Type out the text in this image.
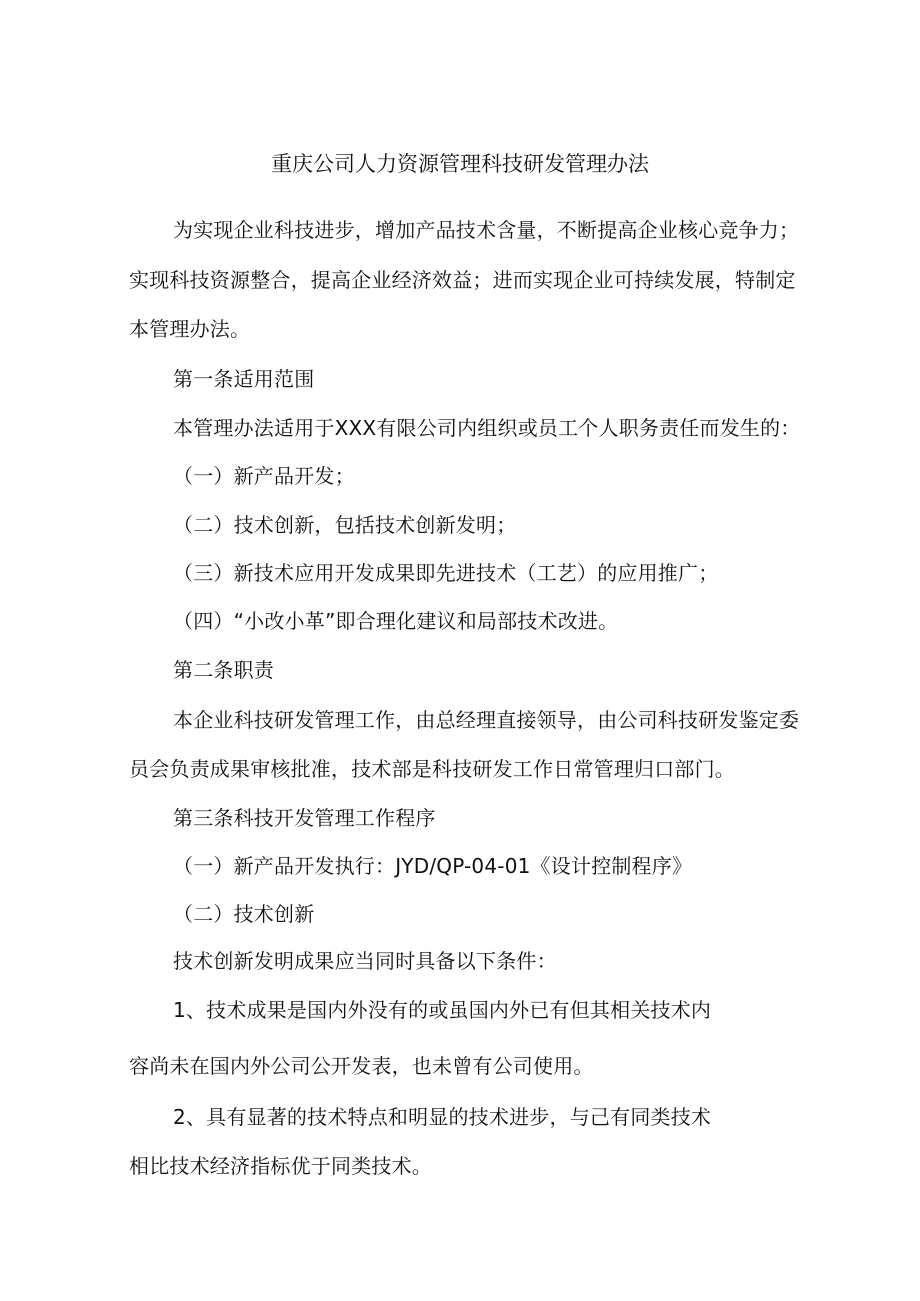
重庆公司人力资源管理科技研发管理办法
为实现企业科技进步，增加产品技术含量，不断提高企业核心竞争力；
实现科技资源整合，提高企业经济效益；进而实现企业可持续发展，特制定
本管理办法。
第一条适用范围
本管理办法适用于XXX有限公司内组织或员工个人职务责任而发生的：
（一）新产品开发；
（二）技术创新，包括技术创新发明；
（三）新技术应用开发成果即先进技术（工艺）的应用推广；
（四）“小改小革”即合理化建议和局部技术改进。
第二条职责
本企业科技研发管理工作，由总经理直接领导，由公司科技研发鉴定委
员会负责成果审核批准，技术部是科技研发工作日常管理归口部门。
第三条科技开发管理工作程序
（一）新产品开发执行：JYD/QP-04-01《设计控制程序》
（二）技术创新
技术创新发明成果应当同时具备以下条件：
1、技术成果是国内外没有的或虽国内外已有但其相关技术内
容尚未在国内外公司公开发表，也未曾有公司使用。
2、具有显著的技术特点和明显的技术进步，与己有同类技术
相比技术经济指标优于同类技术。
